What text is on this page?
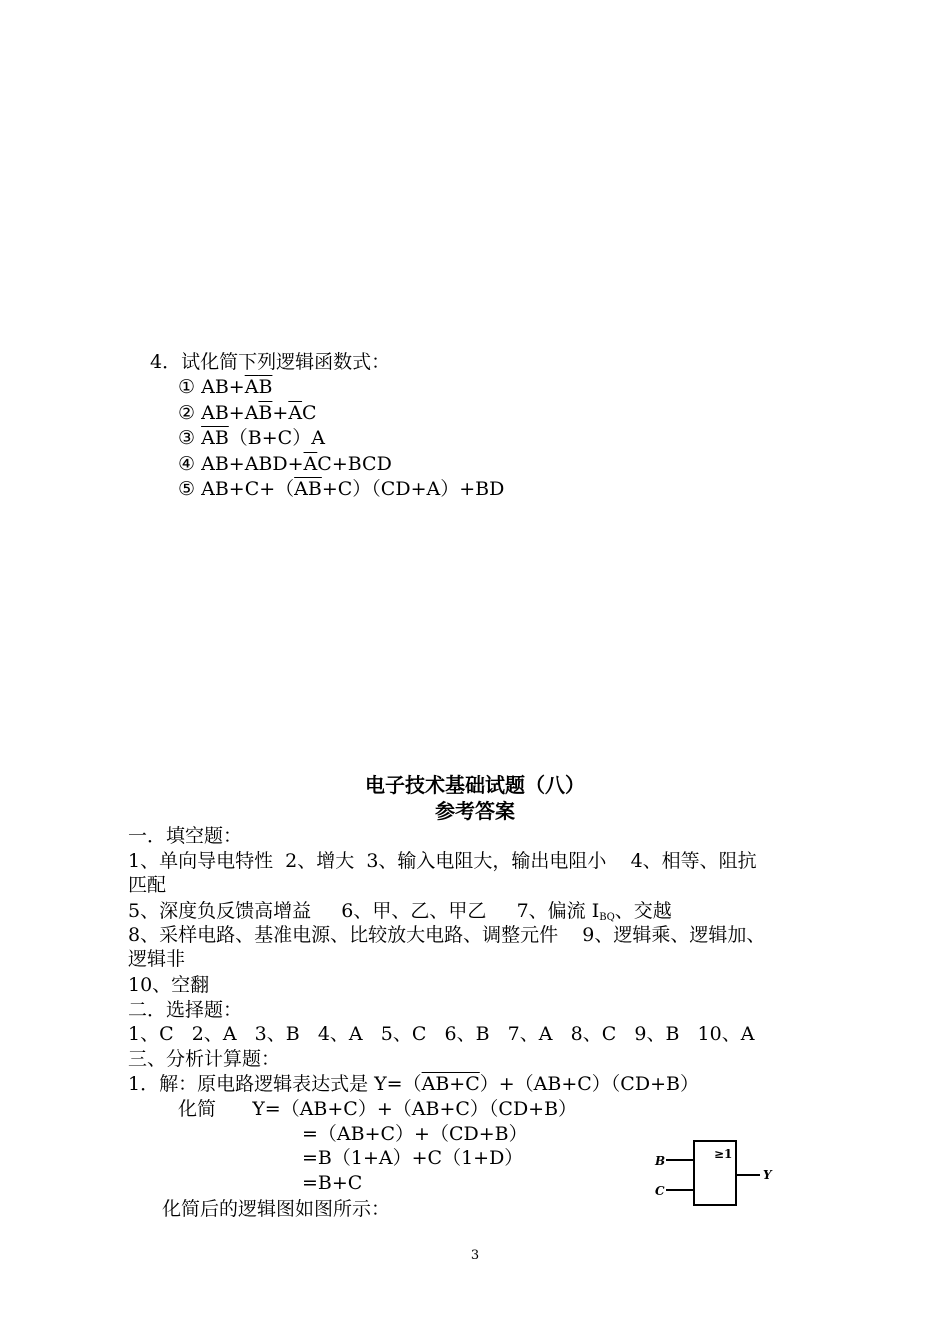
4．试化简下列逻辑函数式：
① $AB+\overline{A}\overline{B}$
② $AB+A\overline{B}+\overline{A}C$
③ $\overline{AB}(B+C)A$
④ $AB+ABD+\overline{A}C+BCD$
⑤ $AB+C+(\overline{AB}+C)(CD+A)+BD$
电子技术基础试题（八）
参考答案
一．填空题：
1、单向导电特性  2、增大  3、输入电阻大，输出电阻小    4、相等、阻抗
匹配
5、深度负反馈高增益     6、甲、乙、甲乙     7、偏流 $I_{BQ}$、交越
8、采样电路、基准电源、比较放大电路、调整元件    9、逻辑乘、逻辑加、
逻辑非
10、空翻
二．选择题：
1、C   2、A   3、B   4、A   5、C   6、B   7、A   8、C   9、B   10、A
三、分析计算题：
1．解：原电路逻辑表达式是 Y=（AB+C）+（AB+C）（CD+B）
化简      Y=（AB+C）+（AB+C）（CD+B）
=（AB+C）+（CD+B）
=B（1+A）+C（1+D）
=B+C
化简后的逻辑图如图所示：
B
C
≥1
Y
3
